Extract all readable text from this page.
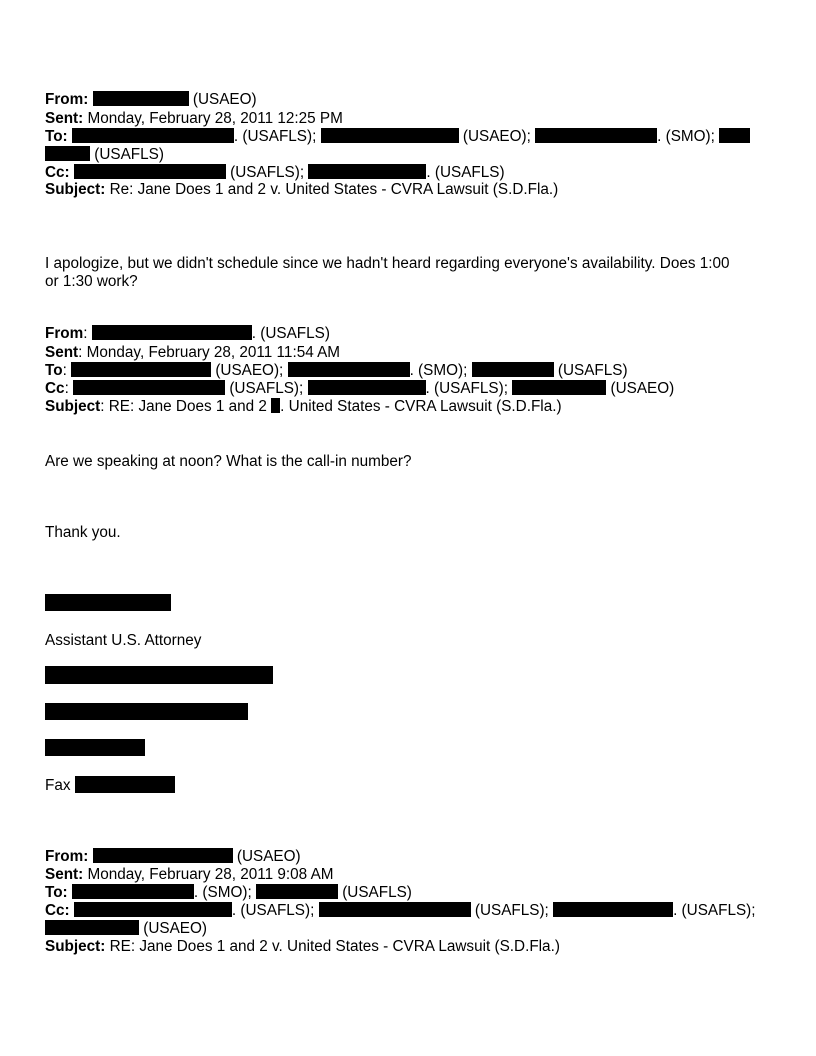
From:	(USAEO)
Sent: Monday, February 28, 2011 12:25 PM
To:	. (USAFLS);	(USAEO);	. (SMO);
(USAFLS)
Cc:	(USAFLS);	. (USAFLS)
Subject: Re: Jane Does 1 and 2 v. United States - CVRA Lawsuit (S.D.Fla.)
I apologize, but we didn't schedule since we hadn't heard regarding everyone's availability. Does 1:00
or 1:30 work?
From:	. (USAFLS)
Sent: Monday, February 28, 2011 11:54 AM
To:	(USAEO);	. (SMO);	(USAFLS)
Cc:	(USAFLS);	. (USAFLS);	(USAEO)
Subject: RE: Jane Does 1 and 2 . United States - CVRA Lawsuit (S.D.Fla.)
Are we speaking at noon? What is the call-in number?
Thank you.
Assistant U.S. Attorney
Fax
From:	(USAEO)
Sent: Monday, February 28, 2011 9:08 AM
To:	. (SMO);	(USAFLS)
Cc:	. (USAFLS);	(USAFLS);	. (USAFLS);
(USAEO)
Subject: RE: Jane Does 1 and 2 v. United States - CVRA Lawsuit (S.D.Fla.)
